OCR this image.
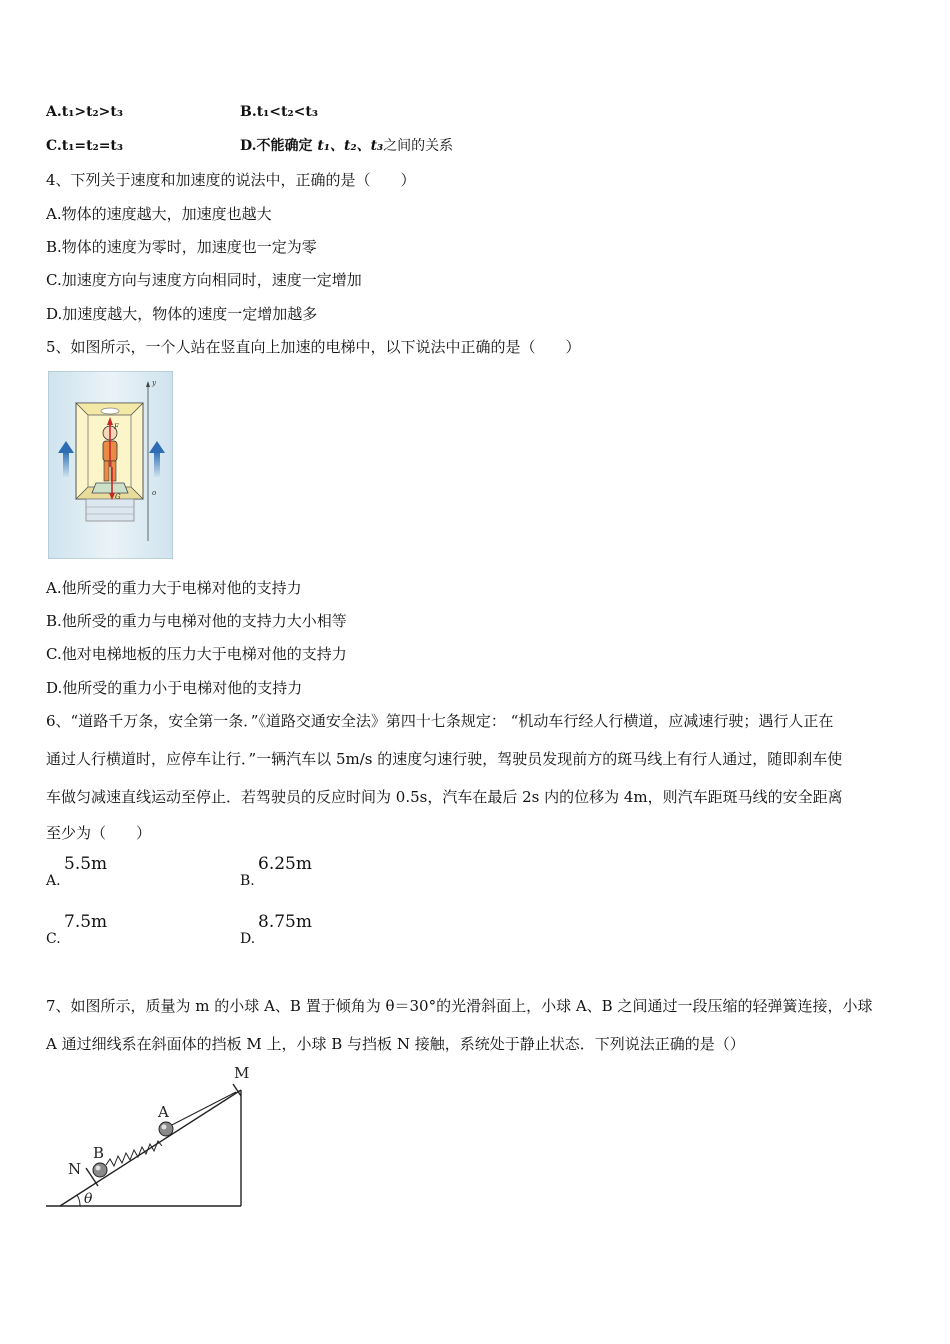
A.t₁>t₂>t₃	B.t₁<t₂<t₃
C.t₁=t₂=t₃	D.不能确定 t₁、t₂、t₃之间的关系
4、下列关于速度和加速度的说法中，正确的是（　　）
A.物体的速度越大，加速度也越大
B.物体的速度为零时，加速度也一定为零
C.加速度方向与速度方向相同时，速度一定增加
D.加速度越大，物体的速度一定增加越多
5、如图所示，一个人站在竖直向上加速的电梯中，以下说法中正确的是（　　）
y
F
G	o
A.他所受的重力大于电梯对他的支持力
B.他所受的重力与电梯对他的支持力大小相等
C.他对电梯地板的压力大于电梯对他的支持力
D.他所受的重力小于电梯对他的支持力
6、“道路千万条，安全第一条．”《道路交通安全法》第四十七条规定： “机动车行经人行横道，应减速行驶；遇行人正在
通过人行横道时，应停车让行．”一辆汽车以 5m/s 的速度匀速行驶，驾驶员发现前方的斑马线上有行人通过，随即刹车使
车做匀减速直线运动至停止．若驾驶员的反应时间为 0.5s，汽车在最后 2s 内的位移为 4m，则汽车距斑马线的安全距离
至少为（　　）
A.
5.5m
B.
6.25m
C.
7.5m
D.
8.75m
7、如图所示，质量为 m 的小球 A、B 置于倾角为 θ＝30°的光滑斜面上，小球 A、B 之间通过一段压缩的轻弹簧连接，小球
A 通过细线系在斜面体的挡板 M 上，小球 B 与挡板 N 接触，系统处于静止状态．下列说法正确的是（）
M
A
B
N
θ
